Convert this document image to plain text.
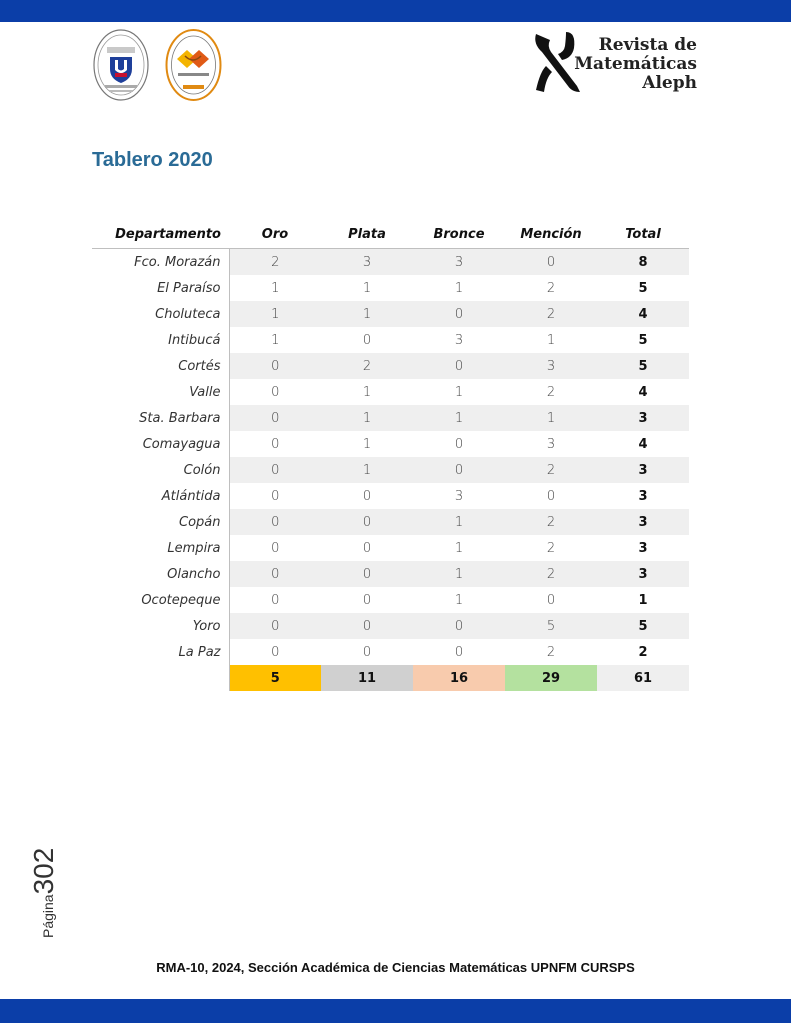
Revista de
Matemáticas
Aleph
Tablero 2020
Departamento	Oro	Plata	Bronce	Mención	Total
Fco. Morazán	2	3	3	0	8
El Paraíso	1	1	1	2	5
Choluteca	1	1	0	2	4
Intibucá	1	0	3	1	5
Cortés	0	2	0	3	5
Valle	0	1	1	2	4
Sta. Barbara	0	1	1	1	3
Comayagua	0	1	0	3	4
Colón	0	1	0	2	3
Atlántida	0	0	3	0	3
Copán	0	0	1	2	3
Lempira	0	0	1	2	3
Olancho	0	0	1	2	3
Ocotepeque	0	0	1	0	1
Yoro	0	0	0	5	5
La Paz	0	0	0	2	2
	5	11	16	29	61
Página302
RMA-10, 2024, Sección Académica de Ciencias Matemáticas UPNFM CURSPS
